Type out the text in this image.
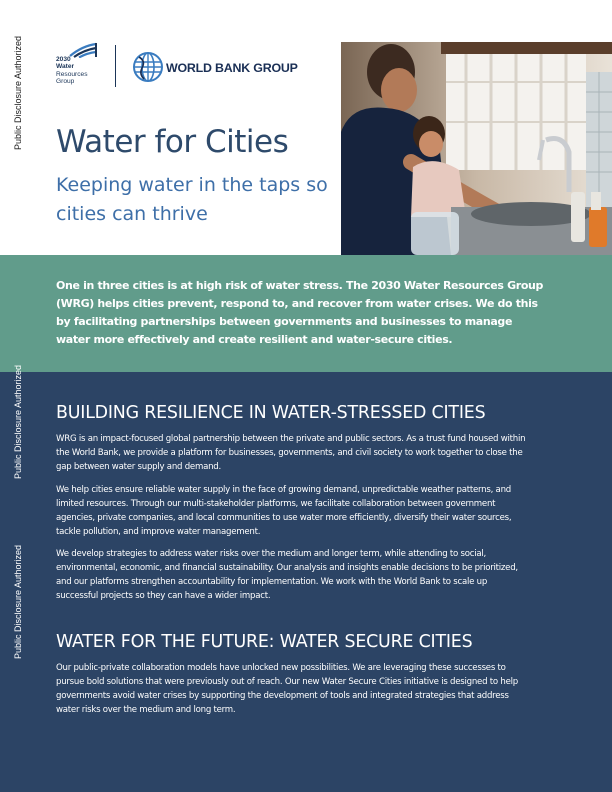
2030
Water
Resources
Group
WORLD BANK GROUP
Water for Cities
Keeping water in the taps so cities can thrive
Public Disclosure Authorized
One in three cities is at high risk of water stress. The 2030 Water Resources Group (WRG) helps cities prevent, respond to, and recover from water crises. We do this by facilitating partnerships between governments and businesses to manage water more effectively and create resilient and water-secure cities.
BUILDING RESILIENCE IN WATER-STRESSED CITIES
WRG is an impact-focused global partnership between the private and public sectors. As a trust fund housed within the World Bank, we provide a platform for businesses, governments, and civil society to work together to close the gap between water supply and demand.
We help cities ensure reliable water supply in the face of growing demand, unpredictable weather patterns, and limited resources. Through our multi-stakeholder platforms, we facilitate collaboration between government agencies, private companies, and local communities to use water more efficiently, diversify their water sources, tackle pollution, and improve water management.
We develop strategies to address water risks over the medium and longer term, while attending to social, environmental, economic, and financial sustainability. Our analysis and insights enable decisions to be prioritized, and our platforms strengthen accountability for implementation. We work with the World Bank to scale up successful projects so they can have a wider impact.
WATER FOR THE FUTURE: WATER SECURE CITIES
Our public-private collaboration models have unlocked new possibilities. We are leveraging these successes to pursue bold solutions that were previously out of reach. Our new Water Secure Cities initiative is designed to help governments avoid water crises by supporting the development of tools and integrated strategies that address water risks over the medium and long term.
Public Disclosure Authorized
Public Disclosure Authorized
